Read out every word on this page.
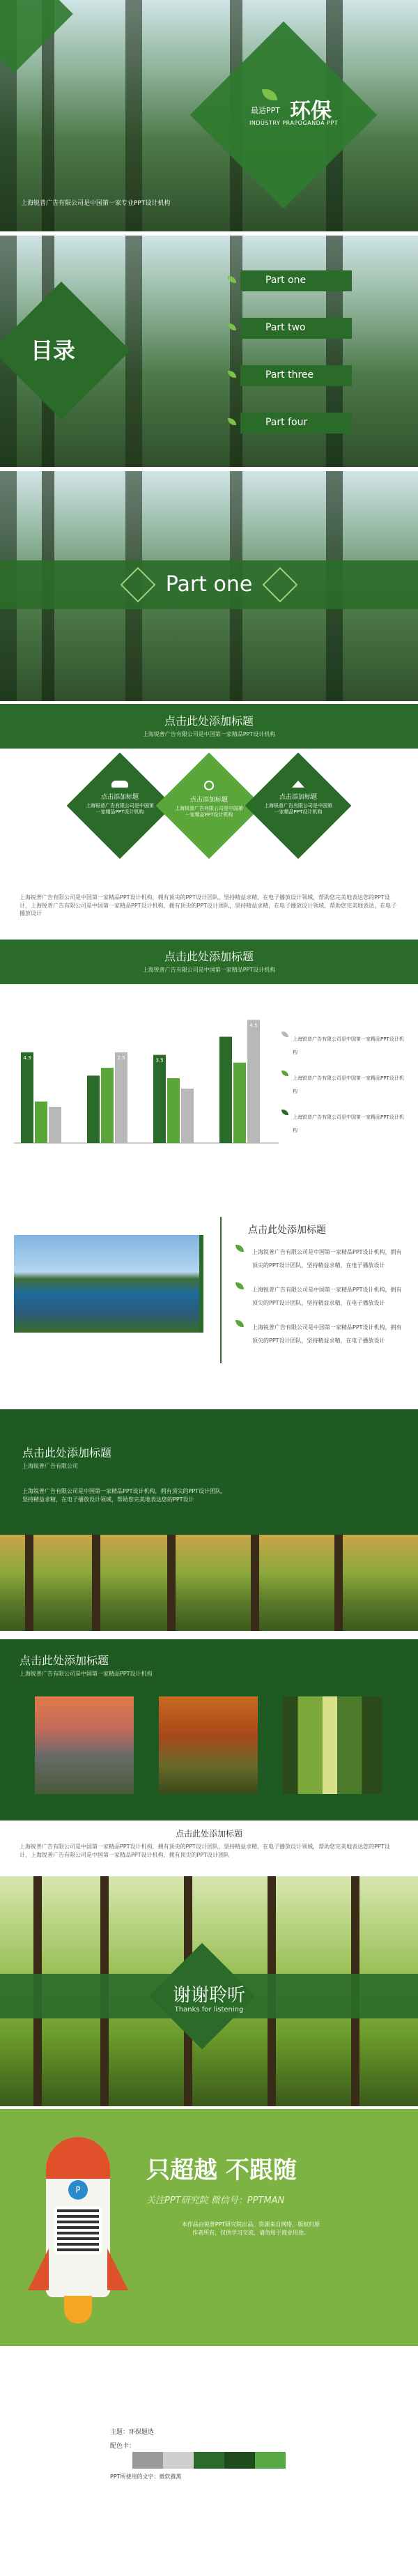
最适PPT 环保
INDUSTRY PRAPOGANDA PPT
上海锐普广告有限公司是中国第一家专业PPT设计机构
目录
Part one
Part two
Part three
Part four
Part one
点击此处添加标题
上海锐普广告有限公司是中国第一家精品PPT设计机构
点击添加标题
上海锐普广告有限公司是中国第一家精品PPT设计机构
点击添加标题
上海锐普广告有限公司是中国第一家精品PPT设计机构
点击添加标题
上海锐普广告有限公司是中国第一家精品PPT设计机构
上海锐普广告有限公司是中国第一家精品PPT设计机构，拥有顶尖的PPT设计团队，坚持精益求精，在电子播放设计领域，帮助您完美地表达您的PPT设计，上海锐普广告有限公司是中国第一家精品PPT设计机构，拥有顶尖的PPT设计团队，坚持精益求精，在电子播放设计领域，帮助您完美地表达，在电子播放设计
点击此处添加标题
上海锐普广告有限公司是中国第一家精品PPT设计机构
4.3	2.5	3.5
4.5
上海锐普广告有限公司是中国第一家精品PPT设计机构
上海锐普广告有限公司是中国第一家精品PPT设计机构
上海锐普广告有限公司是中国第一家精品PPT设计机构
点击此处添加标题
上海锐普广告有限公司是中国第一家精品PPT设计机构，拥有顶尖的PPT设计团队，坚持精益求精，在电子播放设计
上海锐普广告有限公司是中国第一家精品PPT设计机构，拥有顶尖的PPT设计团队，坚持精益求精，在电子播放设计
上海锐普广告有限公司是中国第一家精品PPT设计机构，拥有顶尖的PPT设计团队，坚持精益求精，在电子播放设计
点击此处添加标题
上海锐普广告有限公司
上海锐普广告有限公司是中国第一家精品PPT设计机构，拥有顶尖的PPT设计团队，坚持精益求精，在电子播放设计领域，帮助您完美地表达您的PPT设计
点击此处添加标题
上海锐普广告有限公司是中国第一家精品PPT设计机构
点击此处添加标题
上海锐普广告有限公司是中国第一家精品PPT设计机构，拥有顶尖的PPT设计团队，坚持精益求精，在电子播放设计领域，帮助您完美地表达您的PPT设计，上海锐普广告有限公司是中国第一家精品PPT设计机构，拥有顶尖的PPT设计团队
谢谢聆听
Thanks for listening
P
只超越 不跟随
关注PPT研究院 微信号：PPTMAN
本作品由锐普PPT研究院出品，资源来自网络，版权归原作者所有，仅供学习交流，请勿用于商业用途。
主题：环保题选
配色卡：
PPT所使用的文字：微软雅黑
